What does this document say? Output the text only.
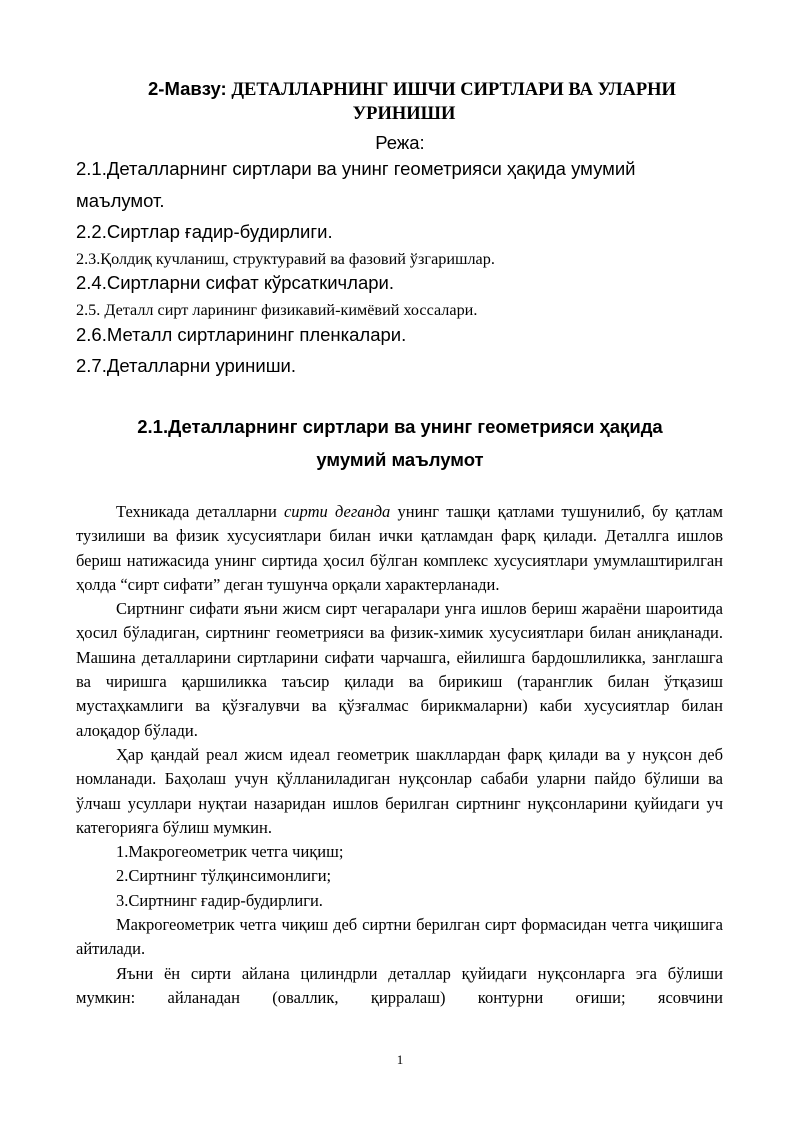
2-Мавзу: ДЕТАЛЛАРНИНГ ИШЧИ СИРТЛАРИ ВА УЛАРНИ
УРИНИШИ
Режа:
2.1.Деталларнинг сиртлари ва унинг геометрияси ҳақида умумий
маълумот.
2.2.Сиртлар ғадир-будирлиги.
2.3.Қолдиқ кучланиш, структуравий ва фазовий ўзгаришлар.
2.4.Сиртларни сифат кўрсаткичлари.
2.5. Деталл сирт ларининг физикавий-кимёвий хоссалари.
2.6.Металл сиртларининг пленкалари.
2.7.Деталларни уриниши.
2.1.Деталларнинг сиртлари ва унинг геометрияси ҳақида
умумий маълумот

Техникада деталларни сирти деганда унинг ташқи қатлами тушунилиб, бу қатлам тузилиши ва физик хусусиятлари билан ички қатламдан фарқ қилади. Деталлга ишлов бериш натижасида унинг сиртида ҳосил бўлган комплекс хусусиятлари умумлаштирилган ҳолда “сирт сифати” деган тушунча орқали характерланади.

Сиртнинг сифати яъни жисм сирт чегаралари унга ишлов бериш жараёни шароитида ҳосил бўладиган, сиртнинг геометрияси ва физик-химик хусусиятлари билан аниқланади. Машина деталларини сиртларини сифати чарчашга, ейилишга бардошлиликка, занглашга ва чиришга қаршиликка таъсир қилади ва бирикиш (таранглик билан ўтқазиш мустаҳкамлиги ва қўзғалувчи ва қўзғалмас бирикмаларни) каби хусусиятлар билан алоқадор бўлади.

Ҳар қандай реал жисм идеал геометрик шакллардан фарқ қилади ва у нуқсон деб номланади. Баҳолаш учун қўлланиладиган нуқсонлар сабаби уларни пайдо бўлиши ва ўлчаш усуллари нуқтаи назаридан ишлов берилган сиртнинг нуқсонларини қуйидаги уч категорияга бўлиш мумкин.

1.Макрогеометрик четга чиқиш;

2.Сиртнинг тўлқинсимонлиги;

3.Сиртнинг ғадир-будирлиги.

Макрогеометрик четга чиқиш деб сиртни берилган сирт формасидан четга чиқишига айтилади.

Яъни ён сирти айлана цилиндрли деталлар қуйидаги нуқсонларга эга бўлиши мумкин: айланадан (оваллик, қирралаш) контурни оғиши; ясовчини

1
